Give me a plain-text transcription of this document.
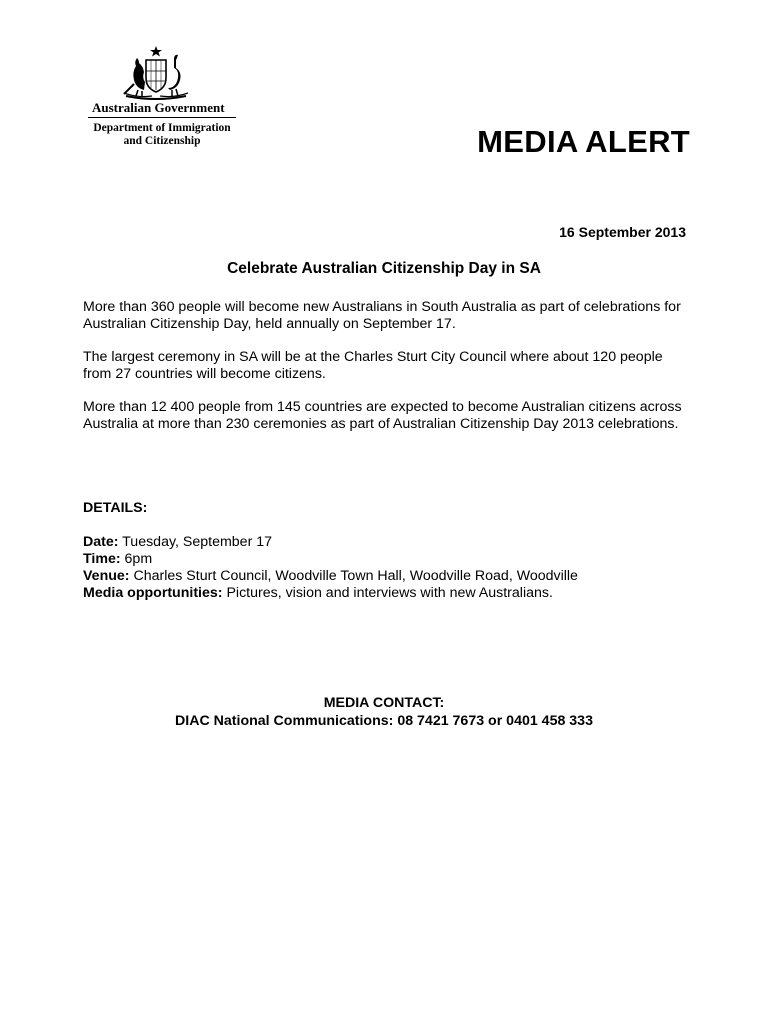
Australian Government
Department of Immigration
and Citizenship	MEDIA ALERT
16 September 2013
Celebrate Australian Citizenship Day in SA
More than 360 people will become new Australians in South Australia as part of celebrations for Australian Citizenship Day, held annually on September 17.
The largest ceremony in SA will be at the Charles Sturt City Council where about 120 people from 27 countries will become citizens.
More than 12 400 people from 145 countries are expected to become Australian citizens across Australia at more than 230 ceremonies as part of Australian Citizenship Day 2013 celebrations.
DETAILS:
Date: Tuesday, September 17
Time: 6pm
Venue: Charles Sturt Council, Woodville Town Hall, Woodville Road, Woodville
Media opportunities: Pictures, vision and interviews with new Australians.
MEDIA CONTACT:
DIAC National Communications: 08 7421 7673 or 0401 458 333
